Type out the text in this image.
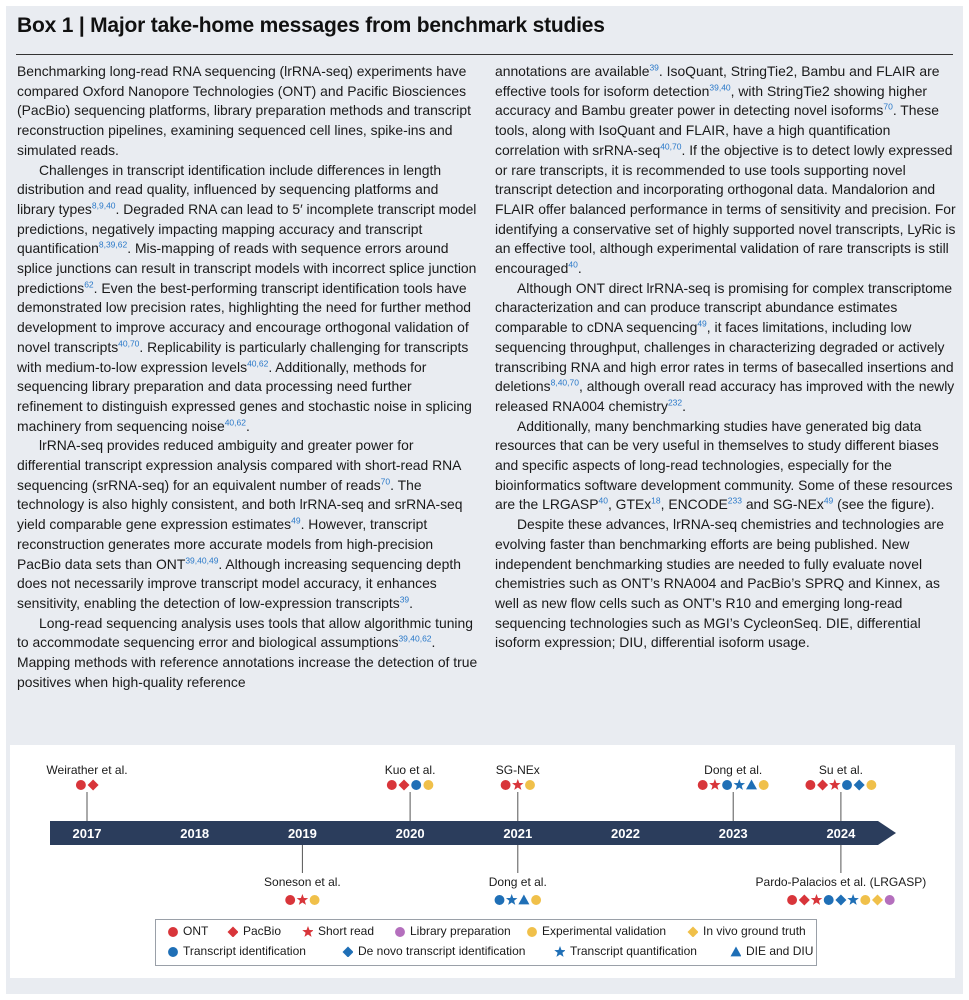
Box 1 | Major take-home messages from benchmark studies

Benchmarking long-read RNA sequencing (lrRNA-seq) experiments have compared Oxford Nanopore Technologies (ONT) and Pacific Biosciences (PacBio) sequencing platforms, library preparation methods and transcript reconstruction pipelines, examining sequenced cell lines, spike-ins and simulated reads.

Challenges in transcript identification include differences in length distribution and read quality, influenced by sequencing platforms and library types$^{8,9,40}$. Degraded RNA can lead to 5′ incomplete transcript model predictions, negatively impacting mapping accuracy and transcript quantification$^{8,39,62}$. Mis-mapping of reads with sequence errors around splice junctions can result in transcript models with incorrect splice junction predictions$^{62}$. Even the best-performing transcript identification tools have demonstrated low precision rates, highlighting the need for further method development to improve accuracy and encourage orthogonal validation of novel transcripts$^{40,70}$. Replicability is particularly challenging for transcripts with medium-to-low expression levels$^{40,62}$. Additionally, methods for sequencing library preparation and data processing need further refinement to distinguish expressed genes and stochastic noise in splicing machinery from sequencing noise$^{40,62}$.

lrRNA-seq provides reduced ambiguity and greater power for differential transcript expression analysis compared with short-read RNA sequencing (srRNA-seq) for an equivalent number of reads$^{70}$. The technology is also highly consistent, and both lrRNA-seq and srRNA-seq yield comparable gene expression estimates$^{49}$. However, transcript reconstruction generates more accurate models from high-precision PacBio data sets than ONT$^{39,40,49}$. Although increasing sequencing depth does not necessarily improve transcript model accuracy, it enhances sensitivity, enabling the detection of low-expression transcripts$^{39}$.

Long-read sequencing analysis uses tools that allow algorithmic tuning to accommodate sequencing error and biological assumptions$^{39,40,62}$. Mapping methods with reference annotations increase the detection of true positives when high-quality reference

annotations are available$^{39}$. IsoQuant, StringTie2, Bambu and FLAIR are effective tools for isoform detection$^{39,40}$, with StringTie2 showing higher accuracy and Bambu greater power in detecting novel isoforms$^{70}$. These tools, along with IsoQuant and FLAIR, have a high quantification correlation with srRNA-seq$^{40,70}$. If the objective is to detect lowly expressed or rare transcripts, it is recommended to use tools supporting novel transcript detection and incorporating orthogonal data. Mandalorion and FLAIR offer balanced performance in terms of sensitivity and precision. For identifying a conservative set of highly supported novel transcripts, LyRic is an effective tool, although experimental validation of rare transcripts is still encouraged$^{40}$.

Although ONT direct lrRNA-seq is promising for complex transcriptome characterization and can produce transcript abundance estimates comparable to cDNA sequencing$^{49}$, it faces limitations, including low sequencing throughput, challenges in characterizing degraded or actively transcribing RNA and high error rates in terms of basecalled insertions and deletions$^{8,40,70}$, although overall read accuracy has improved with the newly released RNA004 chemistry$^{232}$.

Additionally, many benchmarking studies have generated big data resources that can be very useful in themselves to study different biases and specific aspects of long-read technologies, especially for the bioinformatics software development community. Some of these resources are the LRGASP$^{40}$, GTEx$^{18}$, ENCODE$^{233}$ and SG-NEx$^{49}$ (see the figure).

Despite these advances, lrRNA-seq chemistries and technologies are evolving faster than benchmarking efforts are being published. New independent benchmarking studies are needed to fully evaluate novel chemistries such as ONT’s RNA004 and PacBio’s SPRQ and Kinnex, as well as new flow cells such as ONT’s R10 and emerging long-read sequencing technologies such as MGI’s CycleonSeq. DIE, differential isoform expression; DIU, differential isoform usage.

2017	2018	2019	2020	2021	2022	2023	2024
Weirather et al.	Kuo et al.	SG-NEx	Dong et al.	Su et al.
Soneson et al.	Dong et al.	Pardo-Palacios et al. (LRGASP)
ONT	PacBio	Short read	Library preparation	Experimental validation	In vivo ground truth
Transcript identification	De novo transcript identification	Transcript quantification	DIE and DIU
